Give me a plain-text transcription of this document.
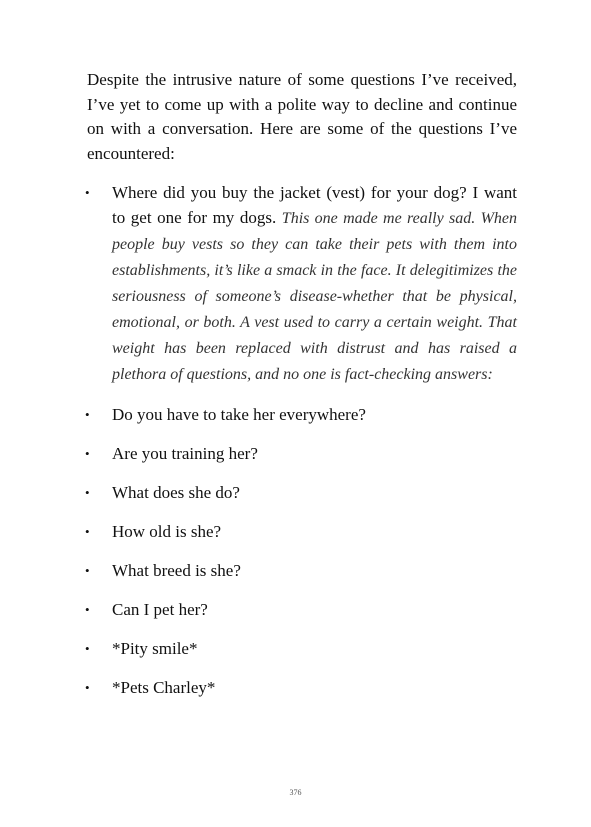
Despite the intrusive nature of some questions I’ve received, I’ve yet to come up with a polite way to decline and continue on with a conversation. Here are some of the questions I’ve encountered:

• Where did you buy the jacket (vest) for your dog? I want to get one for my dogs. This one made me really sad. When people buy vests so they can take their pets with them into establishments, it’s like a smack in the face. It delegitimizes the seriousness of someone’s disease-whether that be physical, emotional, or both. A vest used to carry a certain weight. That weight has been replaced with distrust and has raised a plethora of questions, and no one is fact-checking answers:
• Do you have to take her everywhere?
• Are you training her?
• What does she do?
• How old is she?
• What breed is she?
• Can I pet her?
• *Pity smile*
• *Pets Charley*
376
